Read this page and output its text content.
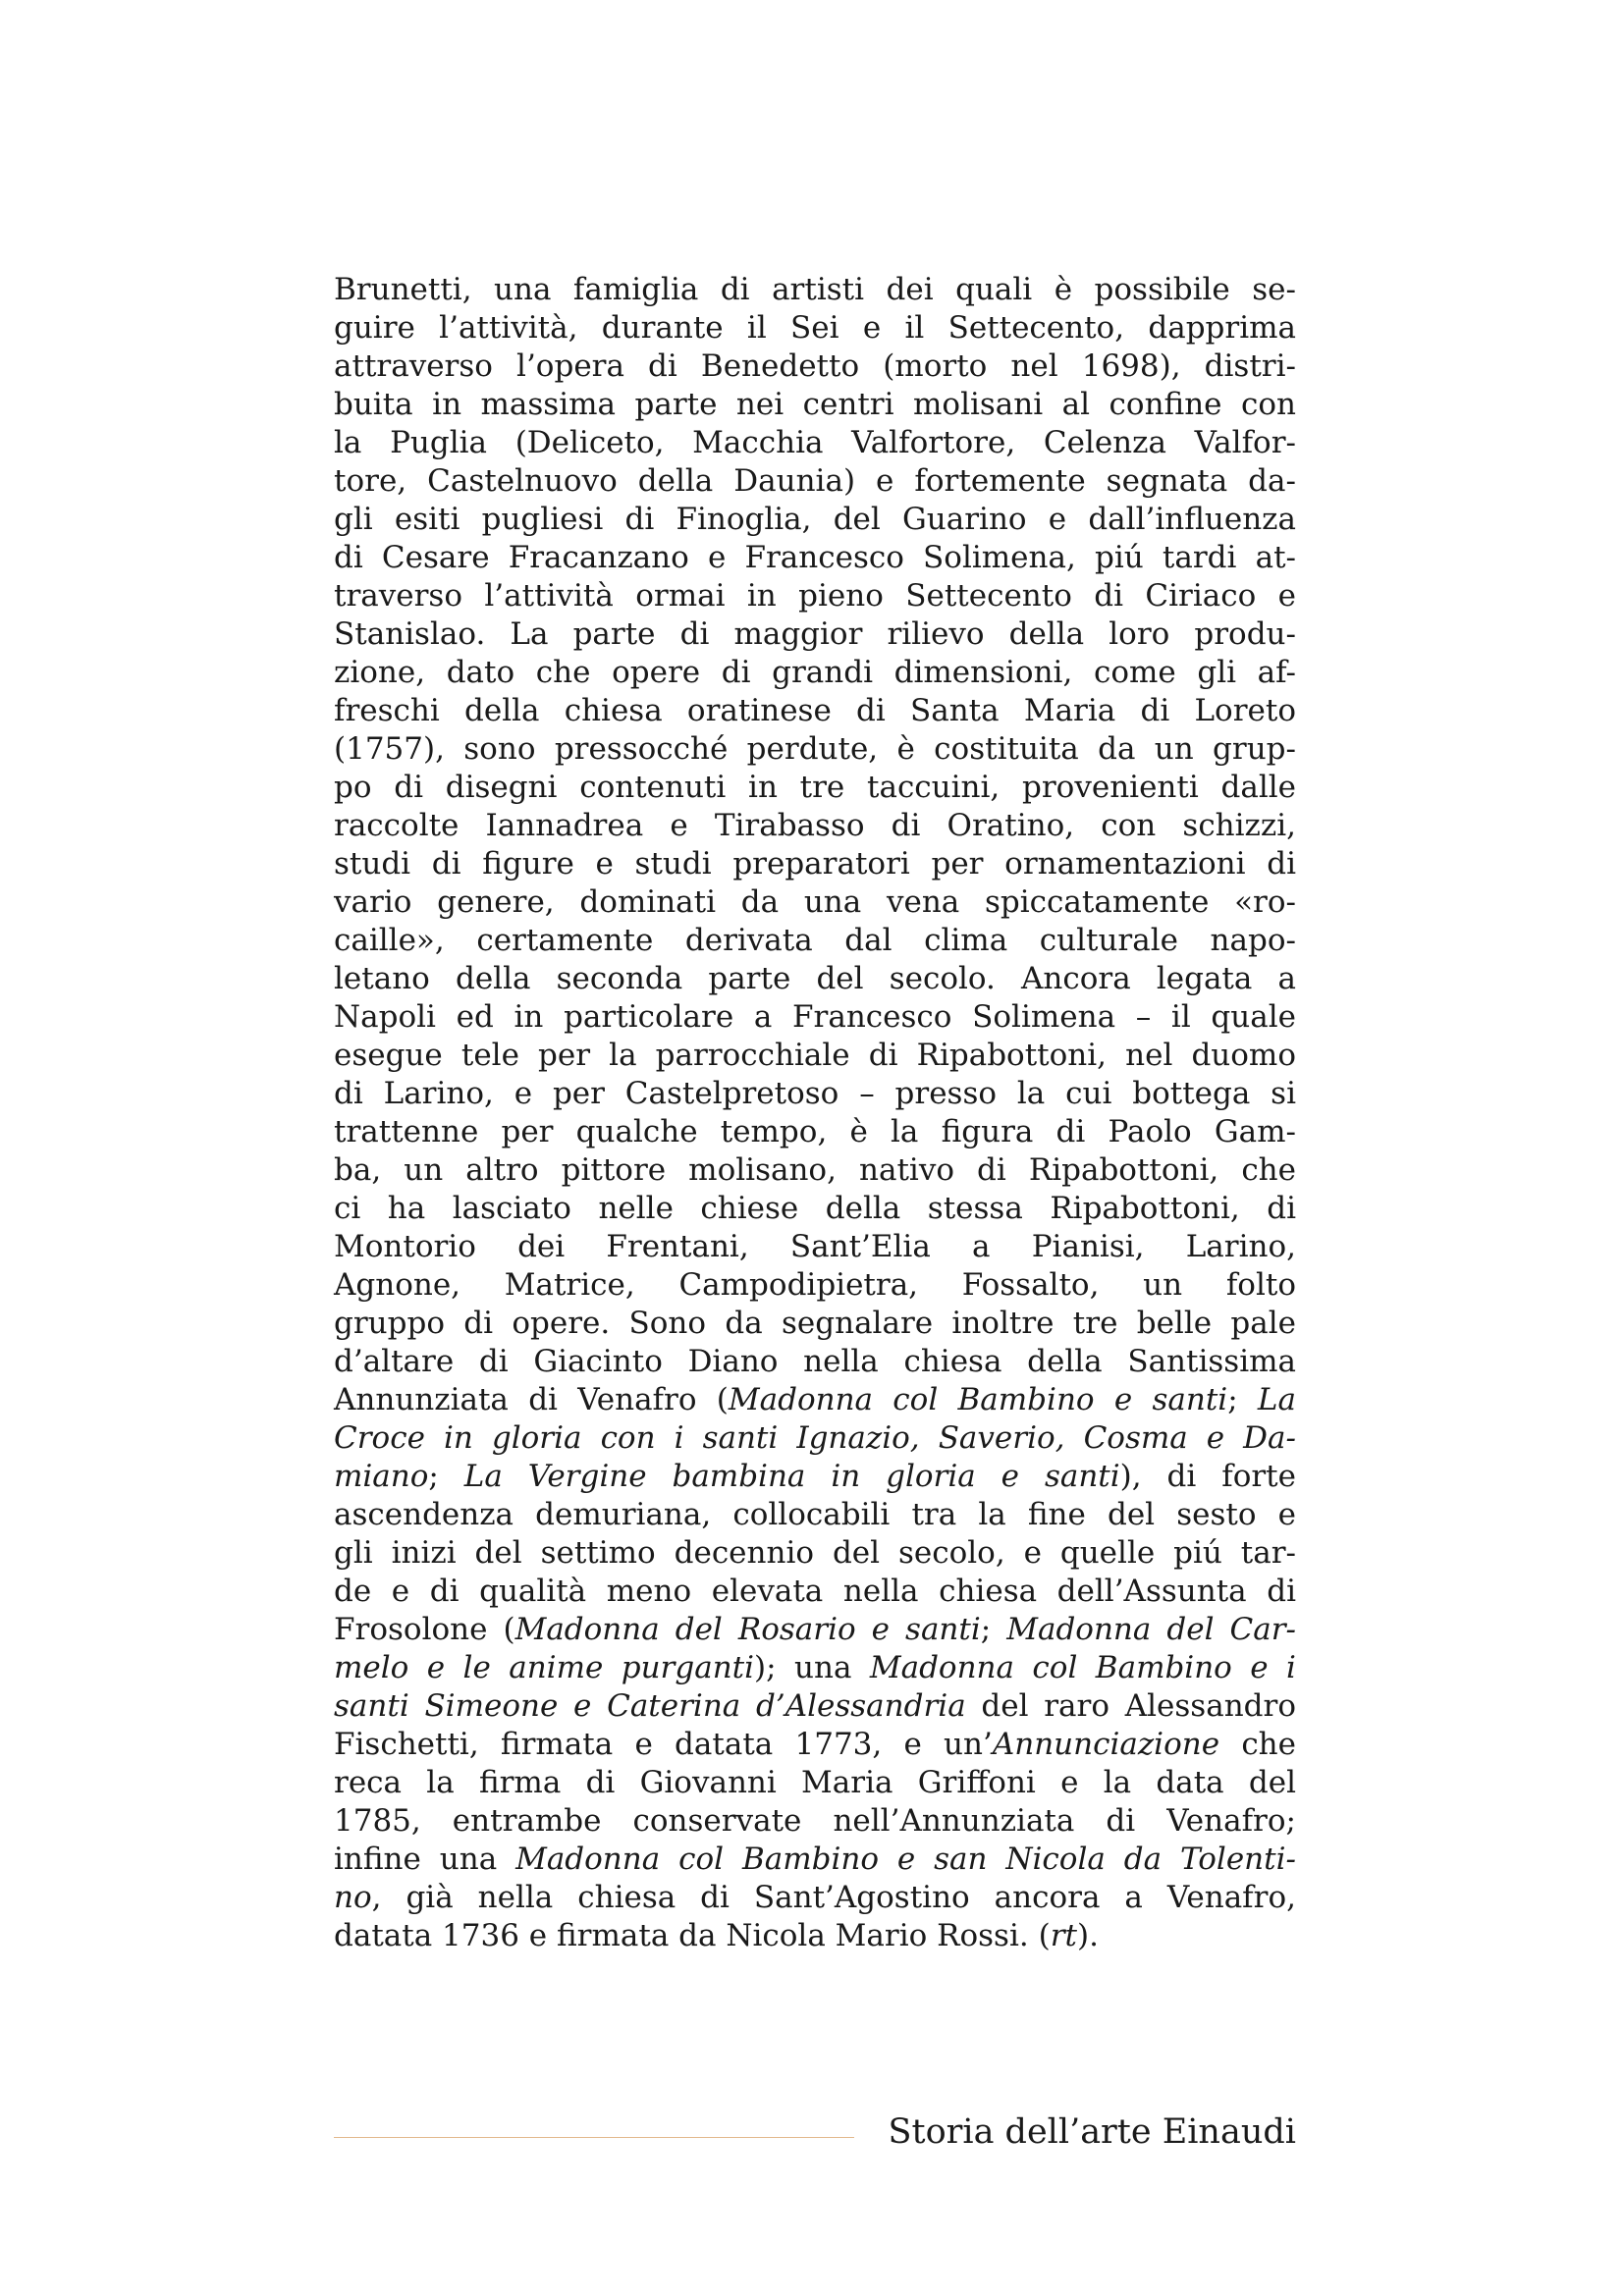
Brunetti, una famiglia di artisti dei quali è possibile se-
guire l’attività, durante il Sei e il Settecento, dapprima
attraverso l’opera di Benedetto (morto nel 1698), distri-
buita in massima parte nei centri molisani al confine con
la Puglia (Deliceto, Macchia Valfortore, Celenza Valfor-
tore, Castelnuovo della Daunia) e fortemente segnata da-
gli esiti pugliesi di Finoglia, del Guarino e dall’influenza
di Cesare Fracanzano e Francesco Solimena, piú tardi at-
traverso l’attività ormai in pieno Settecento di Ciriaco e
Stanislao. La parte di maggior rilievo della loro produ-
zione, dato che opere di grandi dimensioni, come gli af-
freschi della chiesa oratinese di Santa Maria di Loreto
(1757), sono pressocché perdute, è costituita da un grup-
po di disegni contenuti in tre taccuini, provenienti dalle
raccolte Iannadrea e Tirabasso di Oratino, con schizzi,
studi di figure e studi preparatori per ornamentazioni di
vario genere, dominati da una vena spiccatamente «ro-
caille», certamente derivata dal clima culturale napo-
letano della seconda parte del secolo. Ancora legata a
Napoli ed in particolare a Francesco Solimena – il quale
esegue tele per la parrocchiale di Ripabottoni, nel duomo
di Larino, e per Castelpretoso – presso la cui bottega si
trattenne per qualche tempo, è la figura di Paolo Gam-
ba, un altro pittore molisano, nativo di Ripabottoni, che
ci ha lasciato nelle chiese della stessa Ripabottoni, di
Montorio dei Frentani, Sant’Elia a Pianisi, Larino,
Agnone, Matrice, Campodipietra, Fossalto, un folto
gruppo di opere. Sono da segnalare inoltre tre belle pale
d’altare di Giacinto Diano nella chiesa della Santissima
Annunziata di Venafro (Madonna col Bambino e santi; La
Croce in gloria con i santi Ignazio, Saverio, Cosma e Da-
miano; La Vergine bambina in gloria e santi), di forte
ascendenza demuriana, collocabili tra la fine del sesto e
gli inizi del settimo decennio del secolo, e quelle piú tar-
de e di qualità meno elevata nella chiesa dell’Assunta di
Frosolone (Madonna del Rosario e santi; Madonna del Car-
melo e le anime purganti); una Madonna col Bambino e i
santi Simeone e Caterina d’Alessandria del raro Alessandro
Fischetti, firmata e datata 1773, e un’Annunciazione che
reca la firma di Giovanni Maria Griffoni e la data del
1785, entrambe conservate nell’Annunziata di Venafro;
infine una Madonna col Bambino e san Nicola da Tolenti-
no, già nella chiesa di Sant’Agostino ancora a Venafro,
datata 1736 e firmata da Nicola Mario Rossi. (rt).
Storia dell’arte Einaudi
